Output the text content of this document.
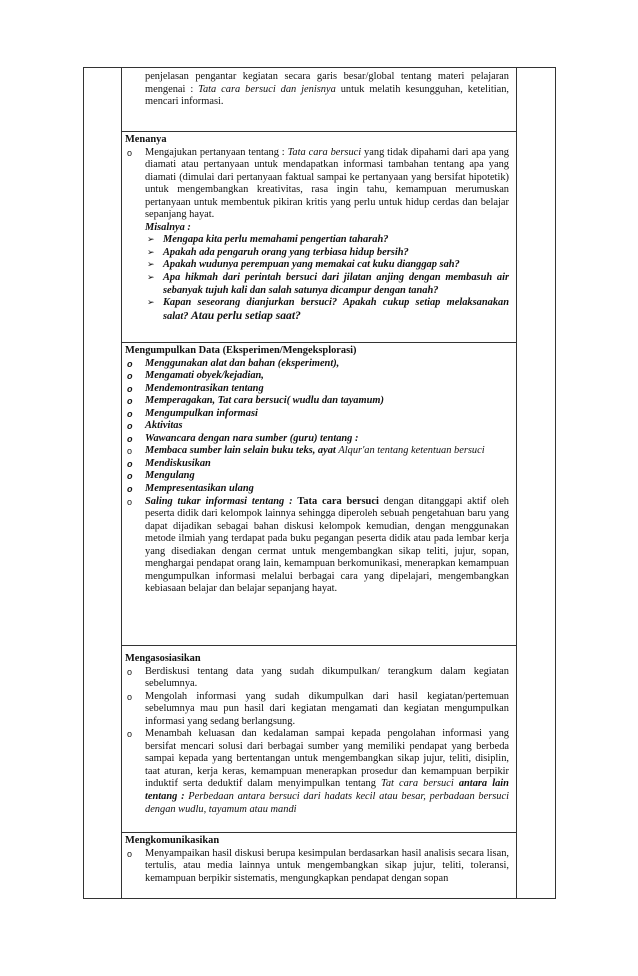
penjelasan pengantar kegiatan secara garis besar/global tentang materi pelajaran mengenai : Tata cara bersuci dan jenisnya untuk melatih kesungguhan, ketelitian, mencari informasi.
Menanya
o Mengajukan pertanyaan tentang : Tata cara bersuci yang tidak dipahami dari apa yang diamati atau pertanyaan untuk mendapatkan informasi tambahan tentang apa yang diamati (dimulai dari pertanyaan faktual sampai ke pertanyaan yang bersifat hipotetik) untuk mengembangkan kreativitas, rasa ingin tahu, kemampuan merumuskan pertanyaan untuk membentuk pikiran kritis yang perlu untuk hidup cerdas dan belajar sepanjang hayat.
Misalnya :
➢ Mengapa kita perlu memahami pengertian taharah?
➢ Apakah ada pengaruh orang yang terbiasa hidup bersih?
➢ Apakah wudunya perempuan yang memakai cat kuku dianggap sah?
➢ Apa hikmah dari perintah bersuci dari jilatan anjing dengan membasuh air sebanyak tujuh kali dan salah satunya dicampur dengan tanah?
➢ Kapan seseorang dianjurkan bersuci? Apakah cukup setiap melaksanakan salat? Atau perlu setiap saat?
Mengumpulkan Data (Eksperimen/Mengeksplorasi)
o Menggunakan alat dan bahan (eksperiment),
o Mengamati obyek/kejadian,
o Mendemontrasikan tentang
o Memperagakan, Tat cara bersuci( wudlu dan tayamum)
o Mengumpulkan informasi
o Aktivitas
o Wawancara dengan nara sumber (guru) tentang :
o Membaca sumber lain selain buku teks, ayat Alqur'an tentang ketentuan bersuci
o Mendiskusikan
o Mengulang
o Mempresentasikan ulang
o Saling tukar informasi tentang : Tata cara bersuci dengan ditanggapi aktif oleh peserta didik dari kelompok lainnya sehingga diperoleh sebuah pengetahuan baru yang dapat dijadikan sebagai bahan diskusi kelompok kemudian, dengan menggunakan metode ilmiah yang terdapat pada buku pegangan peserta didik atau pada lembar kerja yang disediakan dengan cermat untuk mengembangkan sikap teliti, jujur, sopan, menghargai pendapat orang lain, kemampuan berkomunikasi, menerapkan kemampuan mengumpulkan informasi melalui berbagai cara yang dipelajari, mengembangkan kebiasaan belajar dan belajar sepanjang hayat.
Mengasosiasikan
o Berdiskusi tentang data yang sudah dikumpulkan/ terangkum dalam kegiatan sebelumnya.
o Mengolah informasi yang sudah dikumpulkan dari hasil kegiatan/pertemuan sebelumnya mau pun hasil dari kegiatan mengamati dan kegiatan mengumpulkan informasi yang sedang berlangsung.
o Menambah keluasan dan kedalaman sampai kepada pengolahan informasi yang bersifat mencari solusi dari berbagai sumber yang memiliki pendapat yang berbeda sampai kepada yang bertentangan untuk mengembangkan sikap jujur, teliti, disiplin, taat aturan, kerja keras, kemampuan menerapkan prosedur dan kemampuan berpikir induktif serta deduktif dalam menyimpulkan tentang Tat cara bersuci antara lain tentang : Perbedaan antara bersuci dari hadats kecil atau besar, perbadaan bersuci dengan wudlu, tayamum atau mandi
Mengkomunikasikan
o Menyampaikan hasil diskusi berupa kesimpulan berdasarkan hasil analisis secara lisan, tertulis, atau media lainnya untuk mengembangkan sikap jujur, teliti, toleransi, kemampuan berpikir sistematis, mengungkapkan pendapat dengan sopan
